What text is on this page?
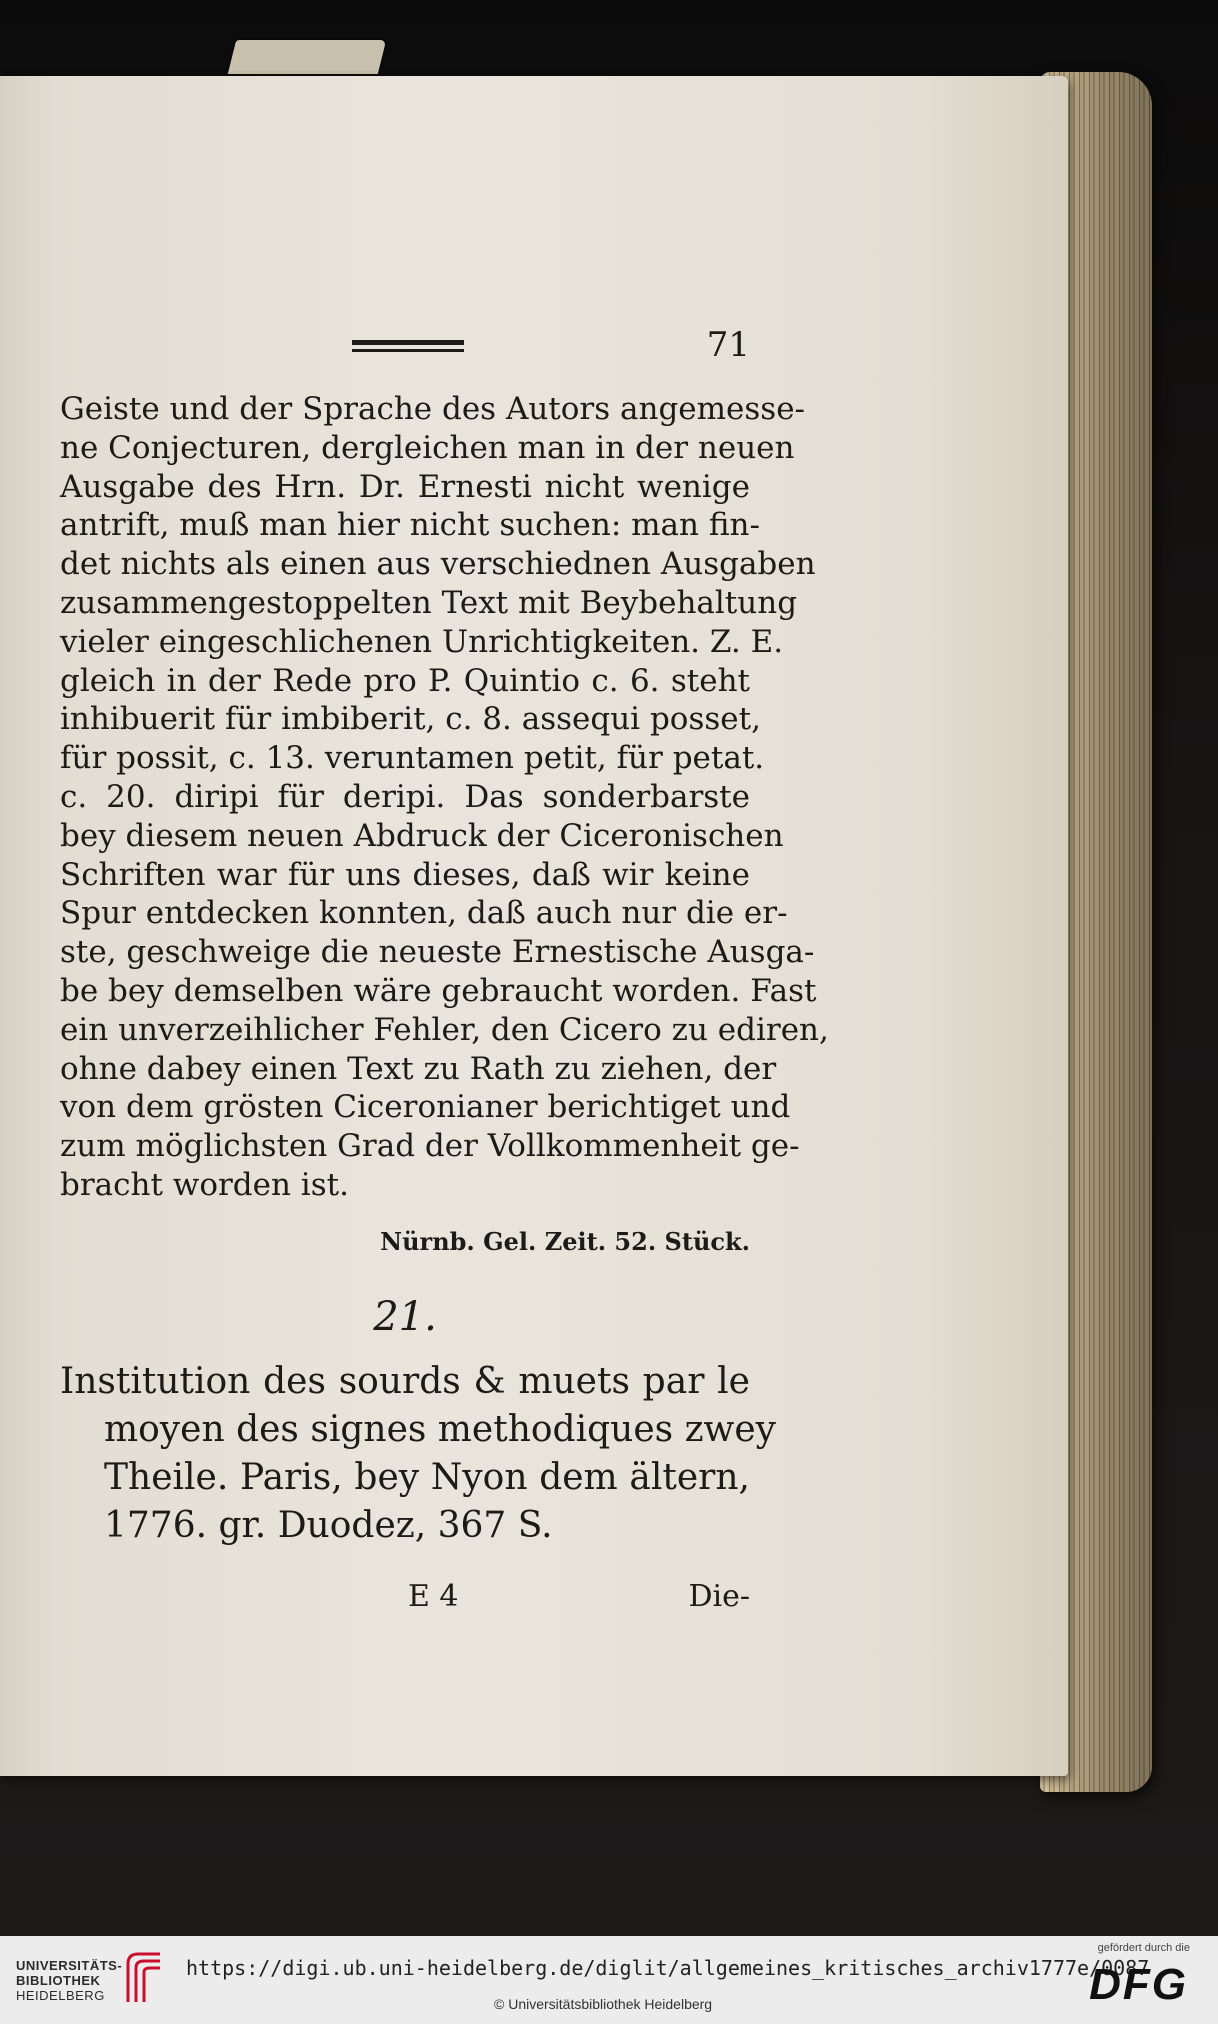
71
Geiste und der Sprache des Autors angemesse-
ne Conjecturen, dergleichen man in der neuen
Ausgabe des Hrn. Dr. Ernesti nicht wenige
antrift, muß man hier nicht suchen: man fin-
det nichts als einen aus verschiednen Ausgaben
zusammengestoppelten Text mit Beybehaltung
vieler eingeschlichenen Unrichtigkeiten. Z. E.
gleich in der Rede pro P. Quintio c. 6. steht
inhibuerit für imbiberit, c. 8. assequi posset,
für possit, c. 13. veruntamen petit, für petat.
c. 20. diripi für deripi. Das sonderbarste
bey diesem neuen Abdruck der Ciceronischen
Schriften war für uns dieses, daß wir keine
Spur entdecken konnten, daß auch nur die er-
ste, geschweige die neueste Ernestische Ausga-
be bey demselben wäre gebraucht worden. Fast
ein unverzeihlicher Fehler, den Cicero zu ediren,
ohne dabey einen Text zu Rath zu ziehen, der
von dem grösten Ciceronianer berichtiget und
zum möglichsten Grad der Vollkommenheit ge-
bracht worden ist.
Nürnb. Gel. Zeit. 52. Stück.
21.
Institution des sourds & muets par le
moyen des signes methodiques zwey
Theile. Paris, bey Nyon dem ältern,
1776. gr. Duodez, 367 S.
E 4	Die-
UNIVERSITÄTS-
BIBLIOTHEK
HEIDELBERG
https://digi.ub.uni-heidelberg.de/diglit/allgemeines_kritisches_archiv1777e/0087
© Universitätsbibliothek Heidelberg
gefördert durch die
DFG
